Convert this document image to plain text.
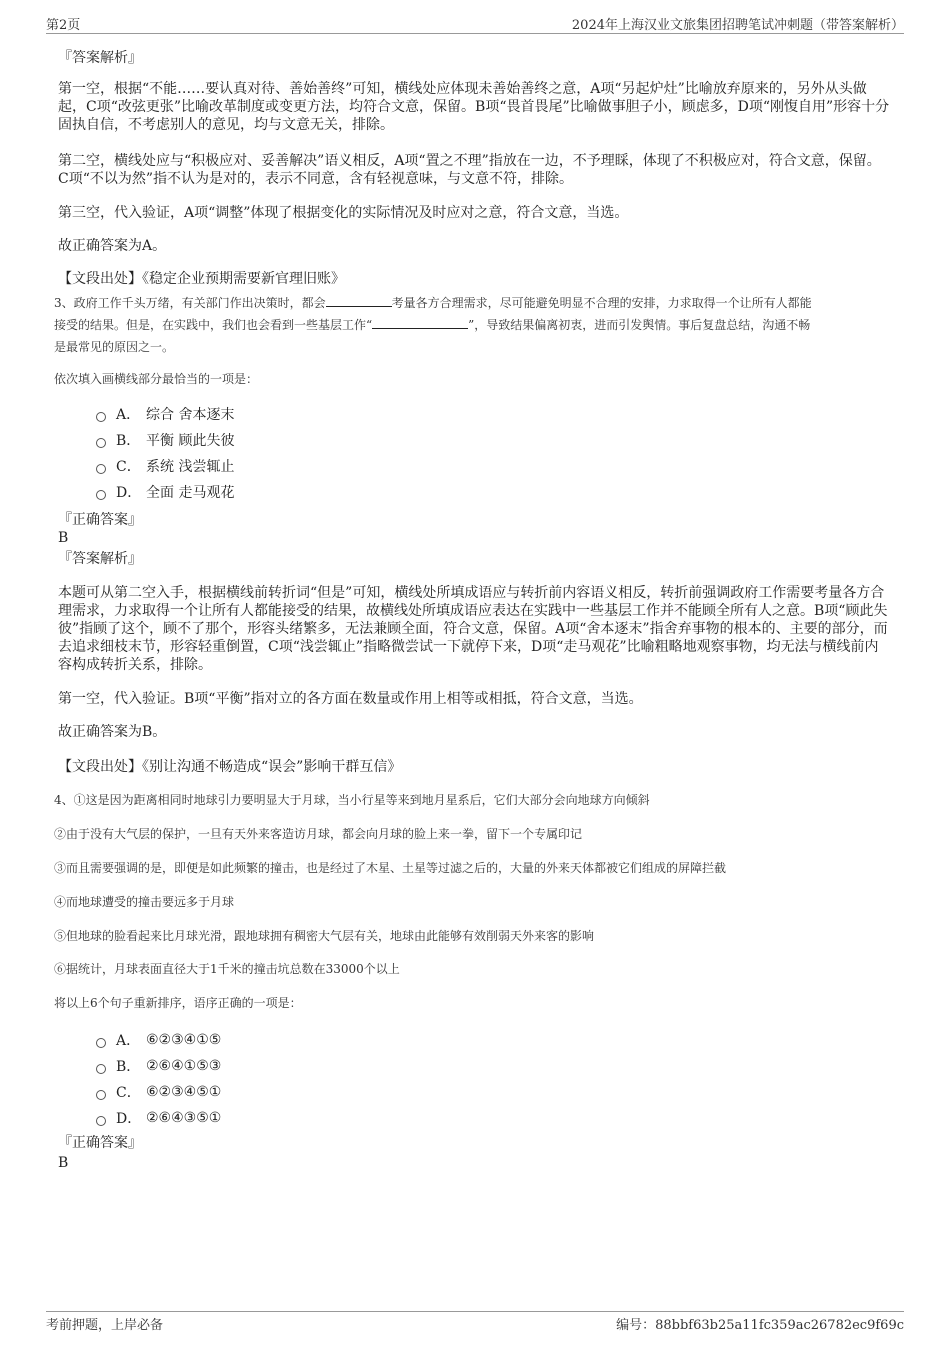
第2页	2024年上海汉业文旅集团招聘笔试冲刺题（带答案解析）
『答案解析』
第一空，根据“不能……要认真对待、善始善终”可知，横线处应体现未善始善终之意，A项“另起炉灶”比喻放弃原来的，另外从头做起，C项“改弦更张”比喻改革制度或变更方法，均符合文意，保留。B项“畏首畏尾”比喻做事胆子小，顾虑多，D项“刚愎自用”形容十分固执自信，不考虑别人的意见，均与文意无关，排除。
第二空，横线处应与“积极应对、妥善解决”语义相反，A项“置之不理”指放在一边，不予理睬，体现了不积极应对，符合文意，保留。C项“不以为然”指不认为是对的，表示不同意，含有轻视意味，与文意不符，排除。
第三空，代入验证，A项“调整”体现了根据变化的实际情况及时应对之意，符合文意，当选。
故正确答案为A。
【文段出处】《稳定企业预期需要新官理旧账》
3、政府工作千头万绪，有关部门作出决策时，都会	考量各方合理需求，尽可能避免明显不合理的安排，力求取得一个让所有人都能
接受的结果。但是，在实践中，我们也会看到一些基层工作“	”，导致结果偏离初衷，进而引发舆情。事后复盘总结，沟通不畅
是最常见的原因之一。
依次填入画横线部分最恰当的一项是：
A． 综合 舍本逐末
B． 平衡 顾此失彼
C． 系统 浅尝辄止
D． 全面 走马观花
『正确答案』
B
『答案解析』
本题可从第二空入手，根据横线前转折词“但是”可知，横线处所填成语应与转折前内容语义相反，转折前强调政府工作需要考量各方合理需求，力求取得一个让所有人都能接受的结果，故横线处所填成语应表达在实践中一些基层工作并不能顾全所有人之意。B项“顾此失彼”指顾了这个，顾不了那个，形容头绪繁多，无法兼顾全面，符合文意，保留。A项“舍本逐末”指舍弃事物的根本的、主要的部分，而去追求细枝末节，形容轻重倒置，C项“浅尝辄止”指略微尝试一下就停下来，D项“走马观花”比喻粗略地观察事物，均无法与横线前内容构成转折关系，排除。
第一空，代入验证。B项“平衡”指对立的各方面在数量或作用上相等或相抵，符合文意，当选。
故正确答案为B。
【文段出处】《别让沟通不畅造成“误会”影响干群互信》
4、①这是因为距离相同时地球引力要明显大于月球，当小行星等来到地月星系后，它们大部分会向地球方向倾斜
②由于没有大气层的保护，一旦有天外来客造访月球，都会向月球的脸上来一拳，留下一个专属印记
③而且需要强调的是，即便是如此频繁的撞击，也是经过了木星、土星等过滤之后的，大量的外来天体都被它们组成的屏障拦截
④而地球遭受的撞击要远多于月球
⑤但地球的脸看起来比月球光滑，跟地球拥有稠密大气层有关，地球由此能够有效削弱天外来客的影响
⑥据统计，月球表面直径大于1千米的撞击坑总数在33000个以上
将以上6个句子重新排序，语序正确的一项是：
A． ⑥②③④①⑤
B． ②⑥④①⑤③
C． ⑥②③④⑤①
D． ②⑥④③⑤①
『正确答案』
B
考前押题，上岸必备	编号：88bbf63b25a11fc359ac26782ec9f69c
